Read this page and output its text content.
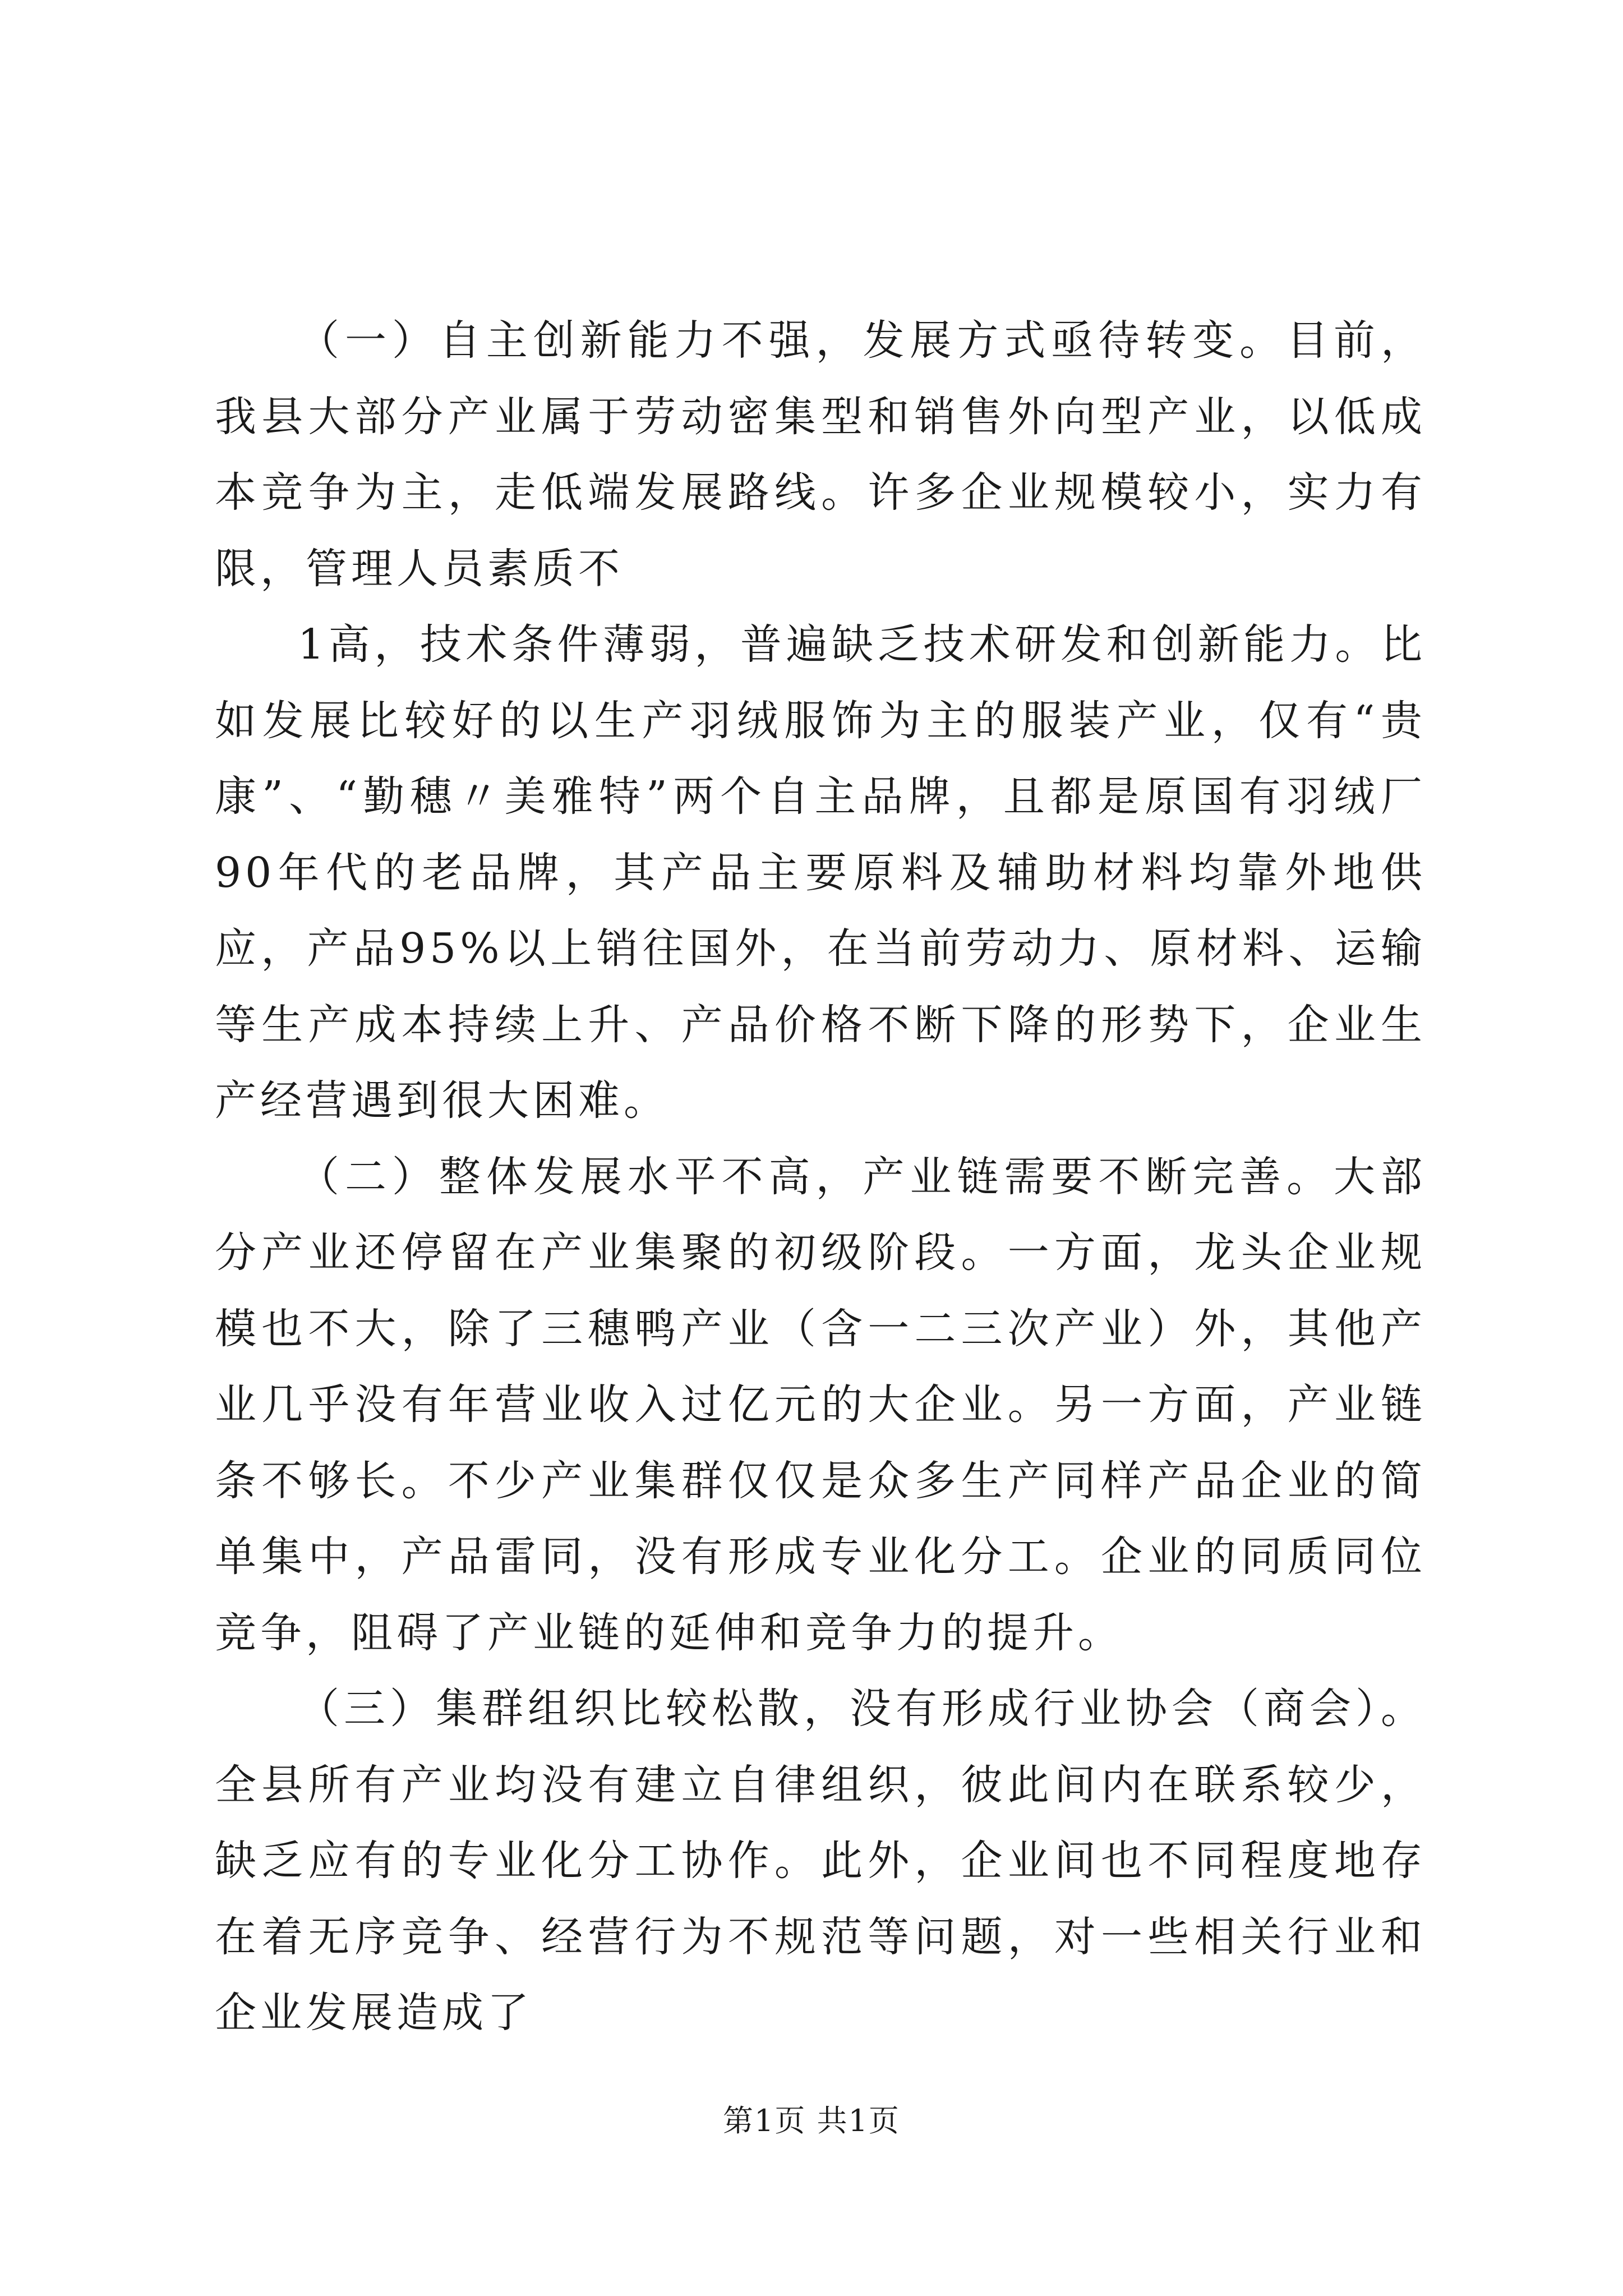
（一）自主创新能力不强，发展方式亟待转变。目前，我县大部分产业属于劳动密集型和销售外向型产业，以低成本竞争为主，走低端发展路线。许多企业规模较小，实力有限，管理人员素质不

1高，技术条件薄弱，普遍缺乏技术研发和创新能力。比如发展比较好的以生产羽绒服饰为主的服装产业，仅有“贵康”、“勤穗〃美雅特”两个自主品牌，且都是原国有羽绒厂90年代的老品牌，其产品主要原料及辅助材料均靠外地供应，产品95%以上销往国外，在当前劳动力、原材料、运输等生产成本持续上升、产品价格不断下降的形势下，企业生产经营遇到很大困难。

（二）整体发展水平不高，产业链需要不断完善。大部分产业还停留在产业集聚的初级阶段。一方面，龙头企业规模也不大，除了三穗鸭产业（含一二三次产业）外，其他产业几乎没有年营业收入过亿元的大企业。另一方面，产业链条不够长。不少产业集群仅仅是众多生产同样产品企业的简单集中，产品雷同，没有形成专业化分工。企业的同质同位竞争，阻碍了产业链的延伸和竞争力的提升。

（三）集群组织比较松散，没有形成行业协会（商会）。全县所有产业均没有建立自律组织，彼此间内在联系较少，缺乏应有的专业化分工协作。此外，企业间也不同程度地存在着无序竞争、经营行为不规范等问题，对一些相关行业和企业发展造成了

第1页 共1页
